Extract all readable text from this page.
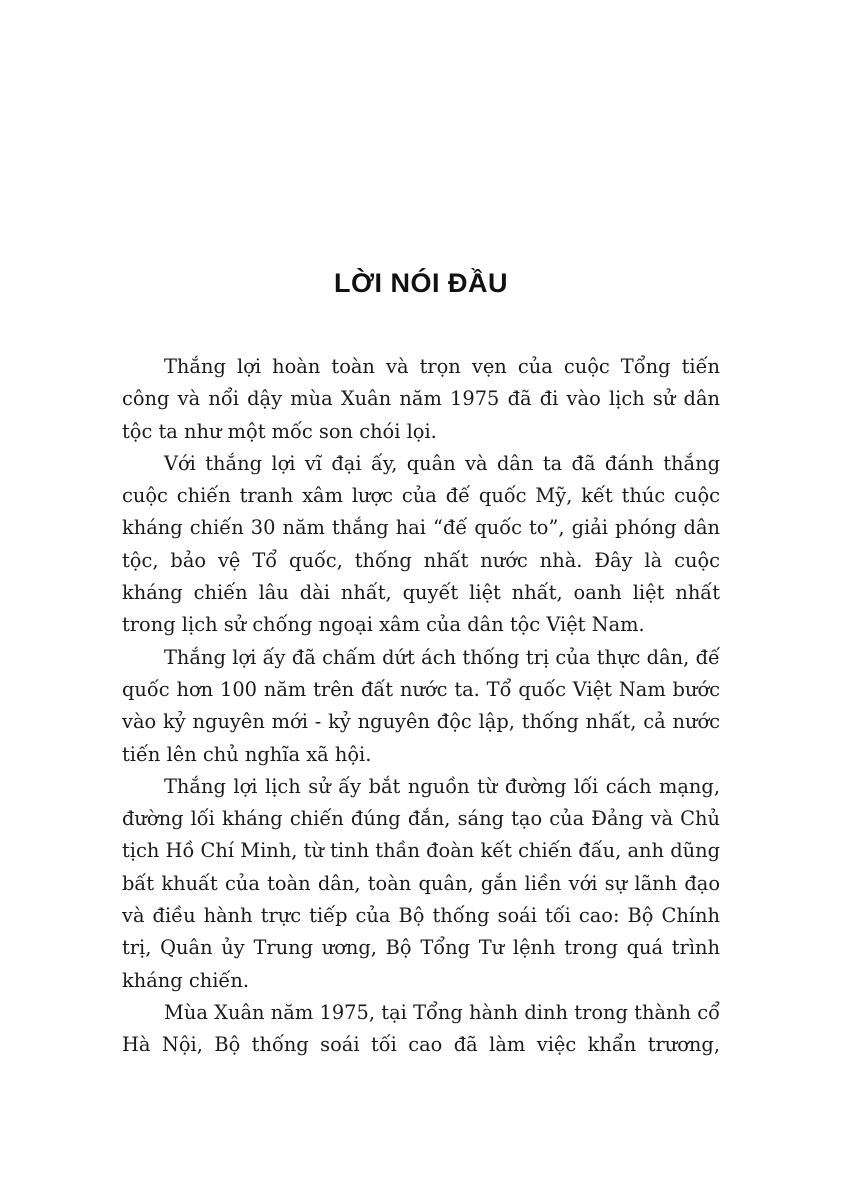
LỜI NÓI ĐẦU

Thắng lợi hoàn toàn và trọn vẹn của cuộc Tổng tiến công và nổi dậy mùa Xuân năm 1975 đã đi vào lịch sử dân tộc ta như một mốc son chói lọi.

Với thắng lợi vĩ đại ấy, quân và dân ta đã đánh thắng cuộc chiến tranh xâm lược của đế quốc Mỹ, kết thúc cuộc kháng chiến 30 năm thắng hai “đế quốc to”, giải phóng dân tộc, bảo vệ Tổ quốc, thống nhất nước nhà. Đây là cuộc kháng chiến lâu dài nhất, quyết liệt nhất, oanh liệt nhất trong lịch sử chống ngoại xâm của dân tộc Việt Nam.

Thắng lợi ấy đã chấm dứt ách thống trị của thực dân, đế quốc hơn 100 năm trên đất nước ta. Tổ quốc Việt Nam bước vào kỷ nguyên mới - kỷ nguyên độc lập, thống nhất, cả nước tiến lên chủ nghĩa xã hội.

Thắng lợi lịch sử ấy bắt nguồn từ đường lối cách mạng, đường lối kháng chiến đúng đắn, sáng tạo của Đảng và Chủ tịch Hồ Chí Minh, từ tinh thần đoàn kết chiến đấu, anh dũng bất khuất của toàn dân, toàn quân, gắn liền với sự lãnh đạo và điều hành trực tiếp của Bộ thống soái tối cao: Bộ Chính trị, Quân ủy Trung ương, Bộ Tổng Tư lệnh trong quá trình kháng chiến.

Mùa Xuân năm 1975, tại Tổng hành dinh trong thành cổ Hà Nội, Bộ thống soái tối cao đã làm việc khẩn trương,
